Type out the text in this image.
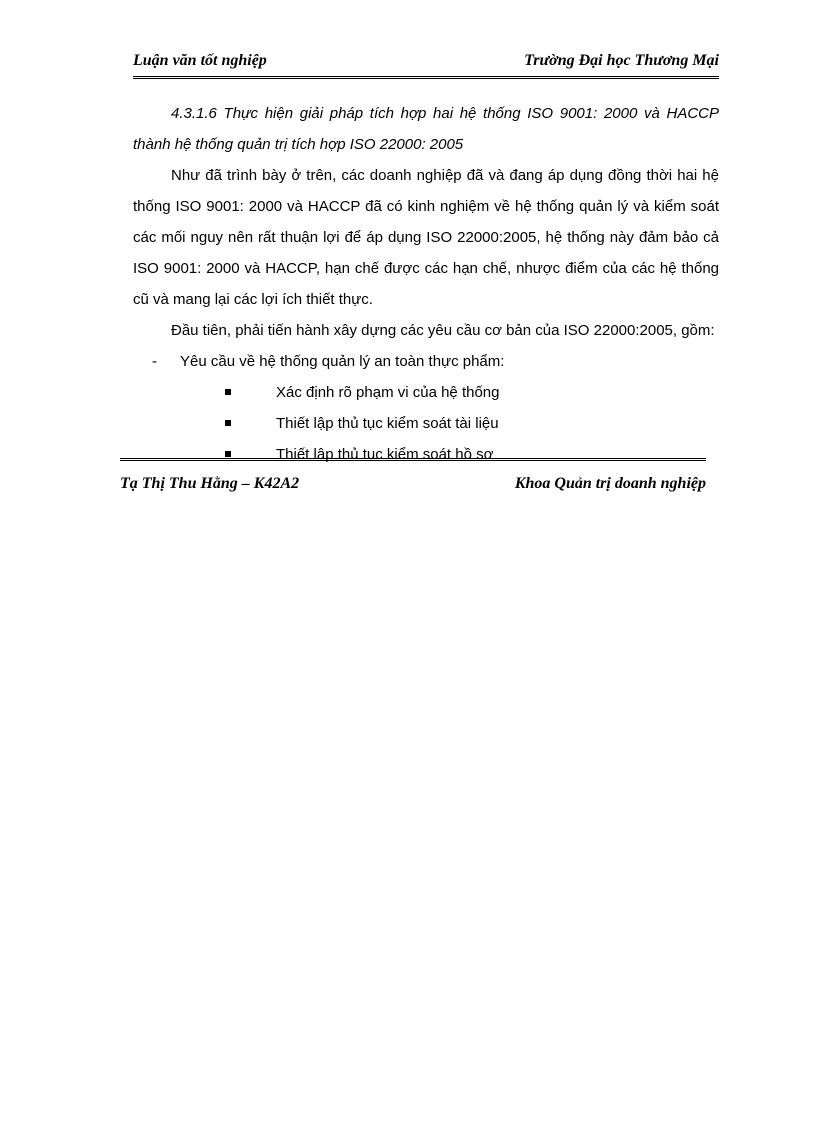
Luận văn tốt nghiệp	Trường Đại học Thương Mại

4.3.1.6 Thực hiện giải pháp tích hợp hai hệ thống ISO 9001: 2000 và HACCP thành hệ thống quản trị tích hợp ISO 22000: 2005

Như đã trình bày ở trên, các doanh nghiệp đã và đang áp dụng đồng thời hai hệ thống ISO 9001: 2000 và HACCP đã có kinh nghiệm về hệ thống quản lý và kiểm soát các mối nguy nên rất thuận lợi để áp dụng ISO 22000:2005, hệ thống này đảm bảo cả ISO 9001: 2000 và HACCP, hạn chế được các hạn chế, nhược điểm của các hệ thống cũ và mang lại các lợi ích thiết thực.

Đầu tiên, phải tiến hành xây dựng các yêu cầu cơ bản của ISO 22000:2005, gồm:

- Yêu cầu về hệ thống quản lý an toàn thực phẩm:
Xác định rõ phạm vi của hệ thống
Thiết lập thủ tục kiểm soát tài liệu
Thiết lập thủ tục kiểm soát hồ sơ
Tạ Thị Thu Hằng – K42A2	Khoa Quản trị doanh nghiệp
